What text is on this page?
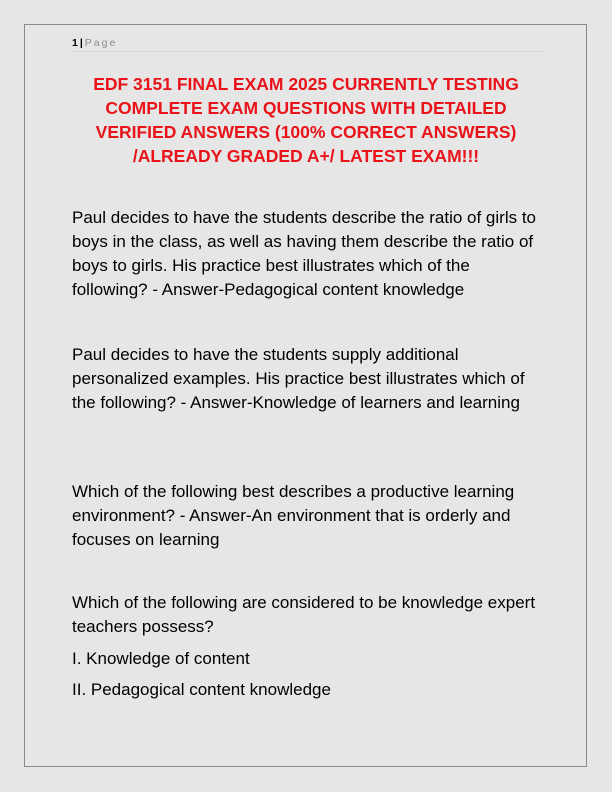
1 | Page
EDF 3151 FINAL EXAM 2025 CURRENTLY TESTING COMPLETE EXAM QUESTIONS WITH DETAILED VERIFIED ANSWERS (100% CORRECT ANSWERS) /ALREADY GRADED A+/ LATEST EXAM!!!

Paul decides to have the students describe the ratio of girls to boys in the class, as well as having them describe the ratio of boys to girls. His practice best illustrates which of the following? - Answer-Pedagogical content knowledge

Paul decides to have the students supply additional personalized examples. His practice best illustrates which of the following? - Answer-Knowledge of learners and learning

Which of the following best describes a productive learning environment? - Answer-An environment that is orderly and focuses on learning

Which of the following are considered to be knowledge expert teachers possess?

I. Knowledge of content

II. Pedagogical content knowledge
